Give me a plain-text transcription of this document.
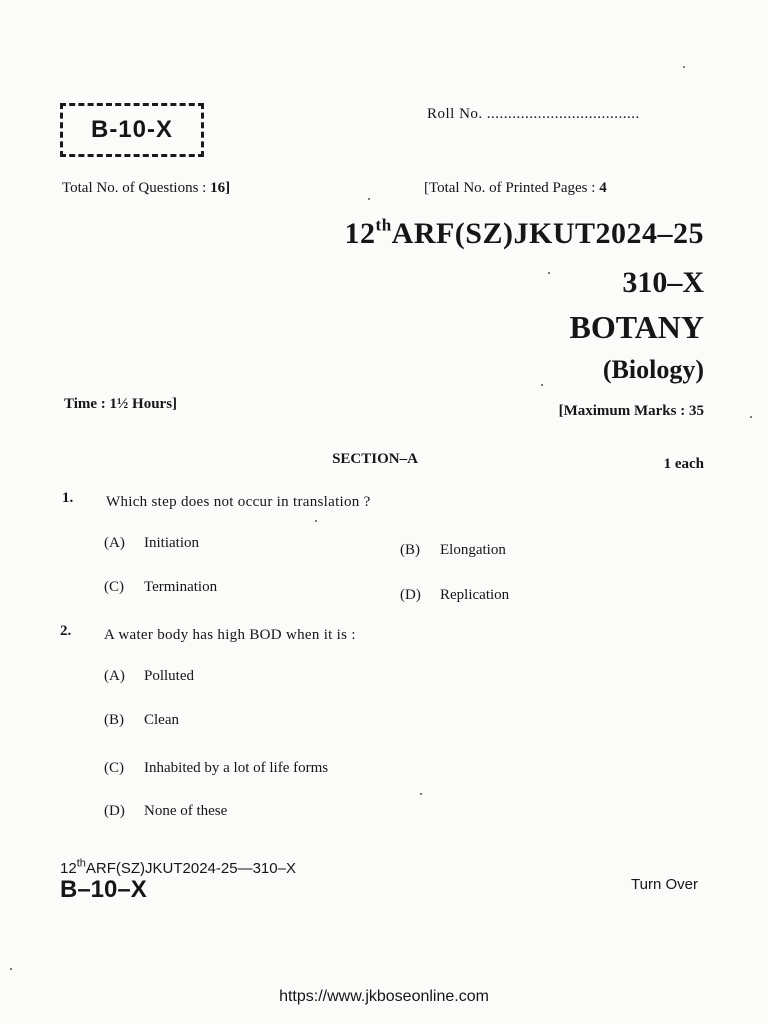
B-10-X
Roll No. ....................................
Total No. of Questions : 16]	[Total No. of Printed Pages : 4
12thARF(SZ)JKUT2024–25
310–X
BOTANY
(Biology)
Time : 1½ Hours]	[Maximum Marks : 35
SECTION–A	1 each
1. Which step does not occur in translation ?
(A)	Initiation	(B)	Elongation
(C)	Termination	(D)	Replication
2. A water body has high BOD when it is :
(A)	Polluted
(B)	Clean
(C)	Inhabited by a lot of life forms
(D)	None of these
12thARF(SZ)JKUT2024-25—310–X
B–10–X	Turn Over
https://www.jkboseonline.com
